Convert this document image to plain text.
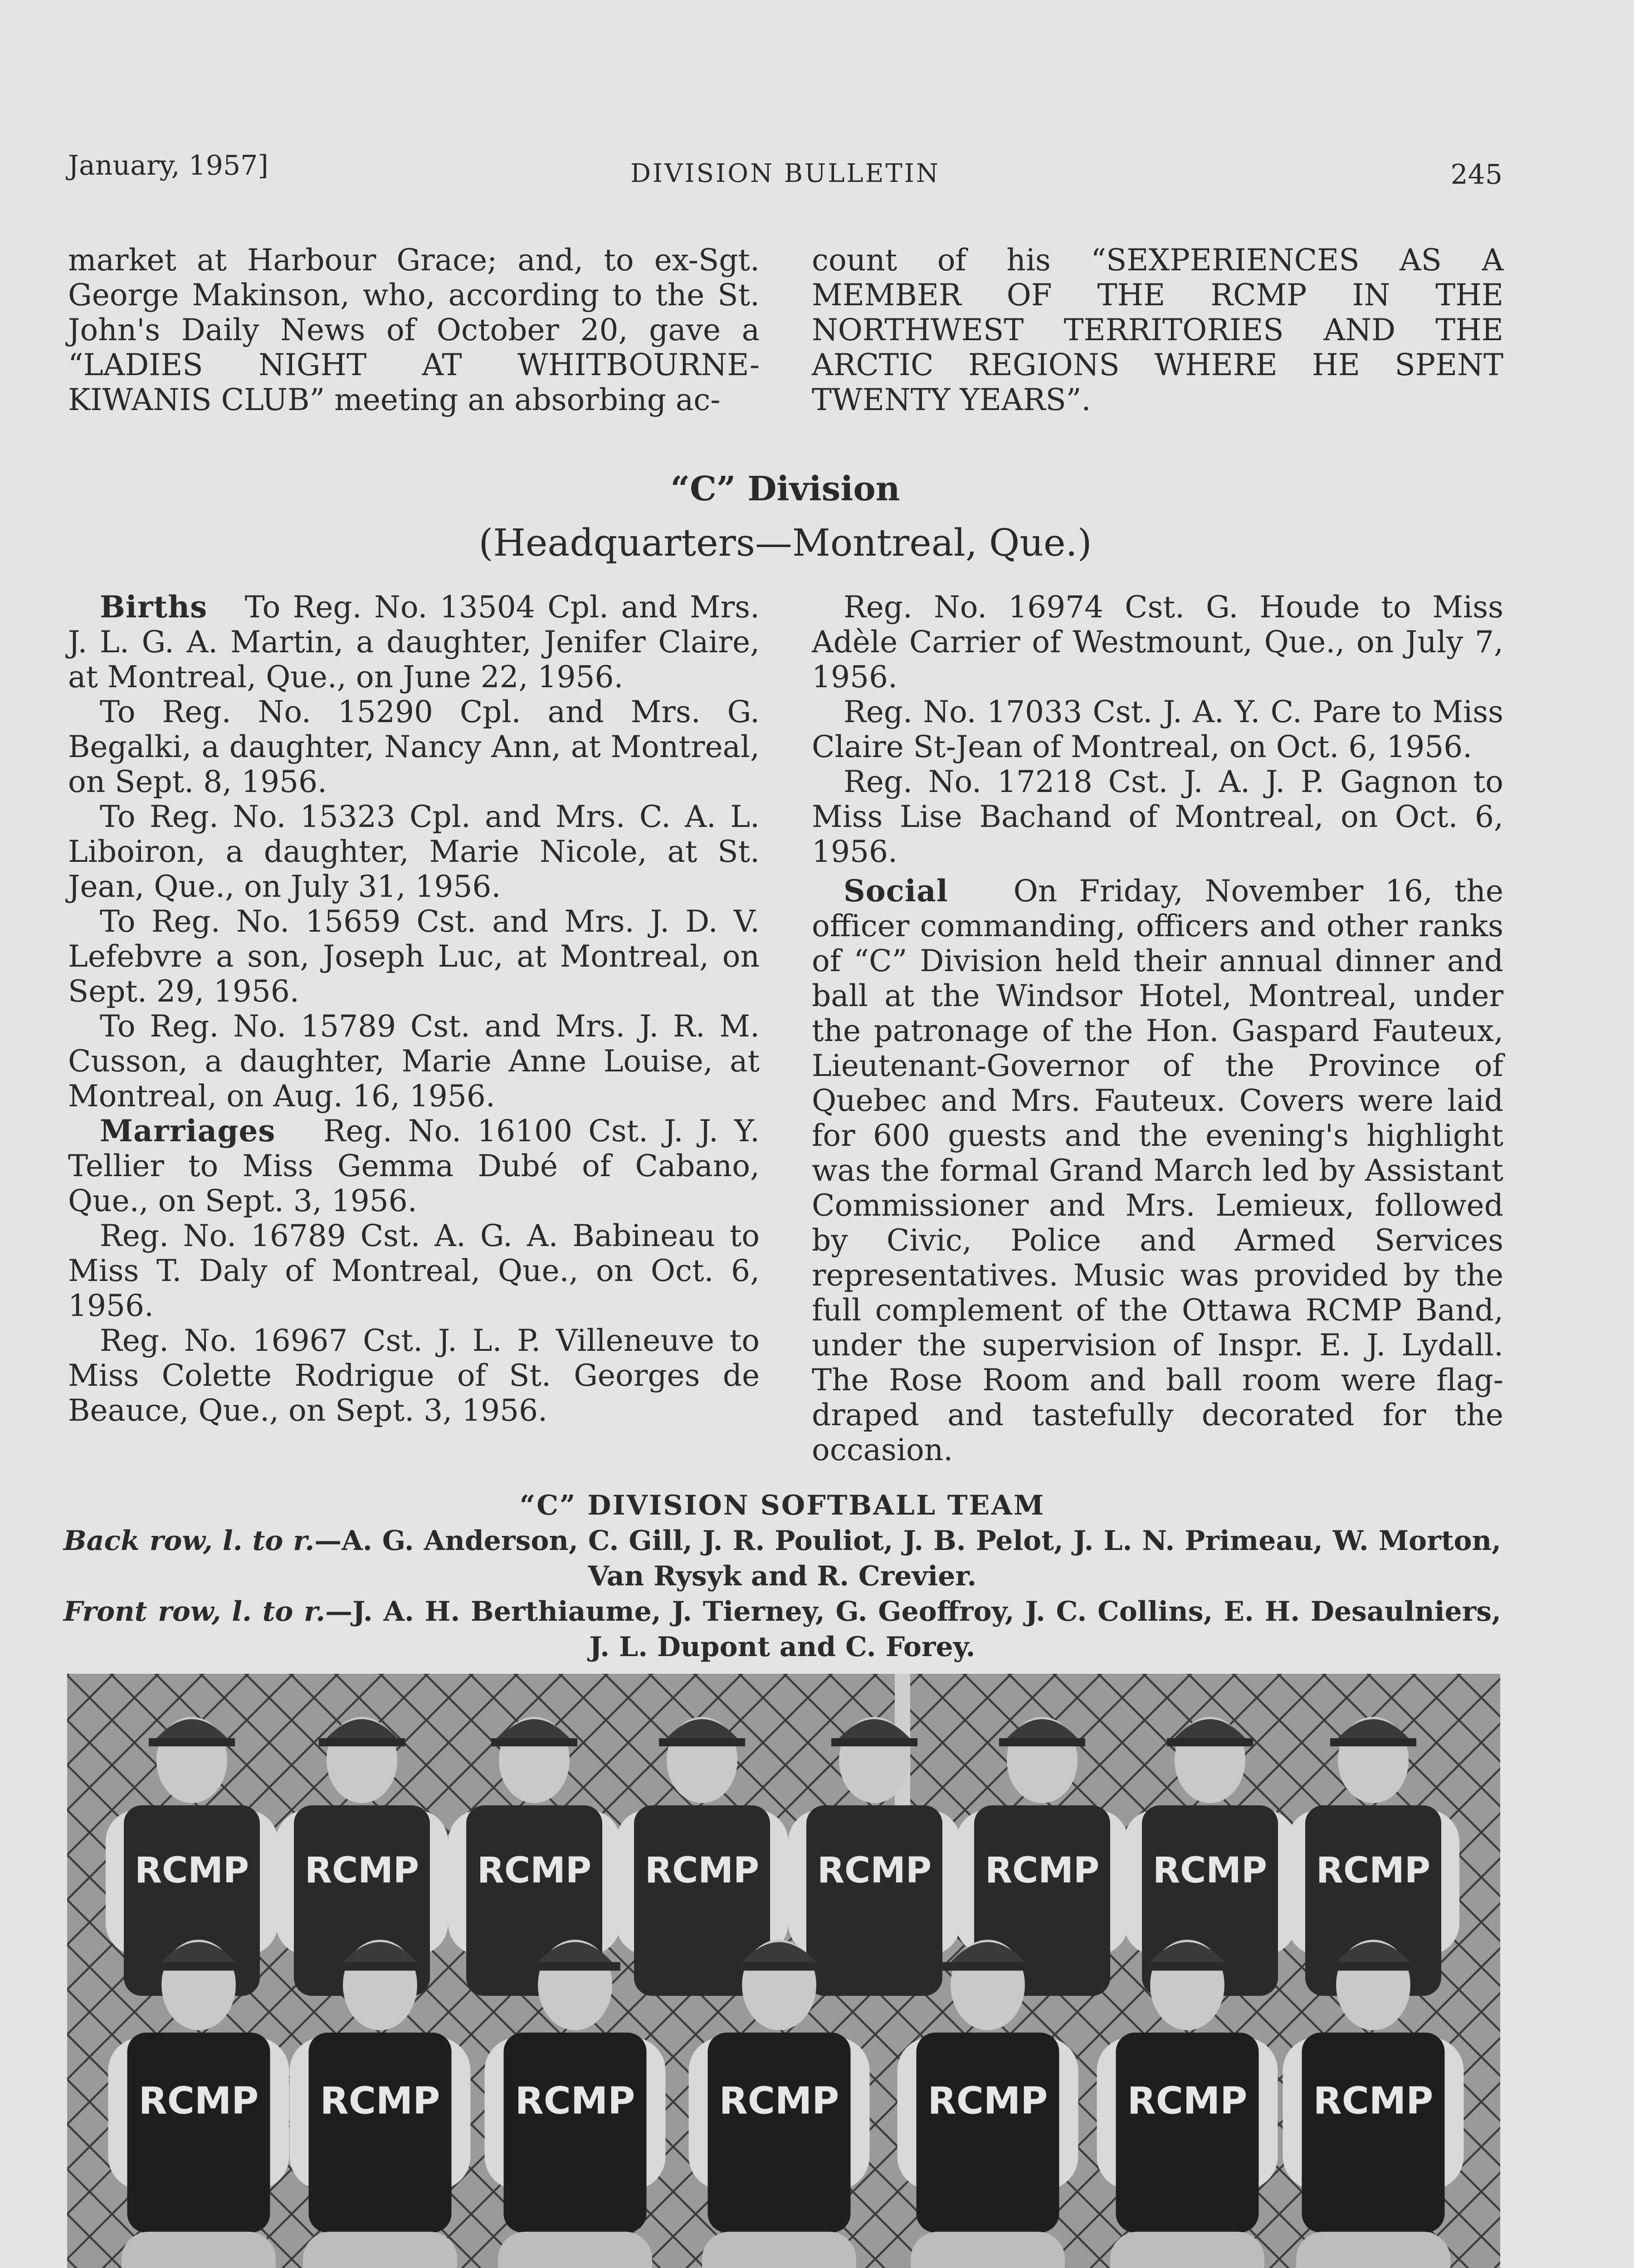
January, 1957]	DIVISION BULLETIN	245

market at Harbour Grace; and, to ex-Sgt. George Makinson, who, according to the St. John's Daily News of October 20, gave a “LADIES NIGHT AT WHITBOURNE-KIWANIS CLUB” meeting an absorbing ac-

count of his “SEXPERIENCES AS A MEMBER OF THE RCMP IN THE NORTHWEST TERRITORIES AND THE ARCTIC REGIONS WHERE HE SPENT TWENTY YEARS”.

“C” Division
(Headquarters—Montreal, Que.)

Births To Reg. No. 13504 Cpl. and Mrs. J. L. G. A. Martin, a daughter, Jenifer Claire, at Montreal, Que., on June 22, 1956.

To Reg. No. 15290 Cpl. and Mrs. G. Begalki, a daughter, Nancy Ann, at Montreal, on Sept. 8, 1956.

To Reg. No. 15323 Cpl. and Mrs. C. A. L. Liboiron, a daughter, Marie Nicole, at St. Jean, Que., on July 31, 1956.

To Reg. No. 15659 Cst. and Mrs. J. D. V. Lefebvre a son, Joseph Luc, at Montreal, on Sept. 29, 1956.

To Reg. No. 15789 Cst. and Mrs. J. R. M. Cusson, a daughter, Marie Anne Louise, at Montreal, on Aug. 16, 1956.

Marriages Reg. No. 16100 Cst. J. J. Y. Tellier to Miss Gemma Dubé of Cabano, Que., on Sept. 3, 1956.

Reg. No. 16789 Cst. A. G. A. Babineau to Miss T. Daly of Montreal, Que., on Oct. 6, 1956.

Reg. No. 16967 Cst. J. L. P. Villeneuve to Miss Colette Rodrigue of St. Georges de Beauce, Que., on Sept. 3, 1956.

Reg. No. 16974 Cst. G. Houde to Miss Adèle Carrier of Westmount, Que., on July 7, 1956.

Reg. No. 17033 Cst. J. A. Y. C. Pare to Miss Claire St-Jean of Montreal, on Oct. 6, 1956.

Reg. No. 17218 Cst. J. A. J. P. Gagnon to Miss Lise Bachand of Montreal, on Oct. 6, 1956.

Social On Friday, November 16, the officer commanding, officers and other ranks of “C” Division held their annual dinner and ball at the Windsor Hotel, Montreal, under the patronage of the Hon. Gaspard Fauteux, Lieutenant-Governor of the Province of Quebec and Mrs. Fauteux. Covers were laid for 600 guests and the evening's highlight was the formal Grand March led by Assistant Commissioner and Mrs. Lemieux, followed by Civic, Police and Armed Services representatives. Music was provided by the full complement of the Ottawa RCMP Band, under the supervision of Inspr. E. J. Lydall. The Rose Room and ball room were flag-draped and tastefully decorated for the occasion.

“C” DIVISION SOFTBALL TEAM
Back row, l. to r.—A. G. Anderson, C. Gill, J. R. Pouliot, J. B. Pelot, J. L. N. Primeau, W. Morton, Van Rysyk and R. Crevier.
Front row, l. to r.—J. A. H. Berthiaume, J. Tierney, G. Geoffroy, J. C. Collins, E. H. Desaulniers, J. L. Dupont and C. Forey.
RCMP RCMP RCMP RCMP RCMP RCMP RCMP RCMP
RCMP RCMP RCMP RCMP RCMP RCMP RCMP
